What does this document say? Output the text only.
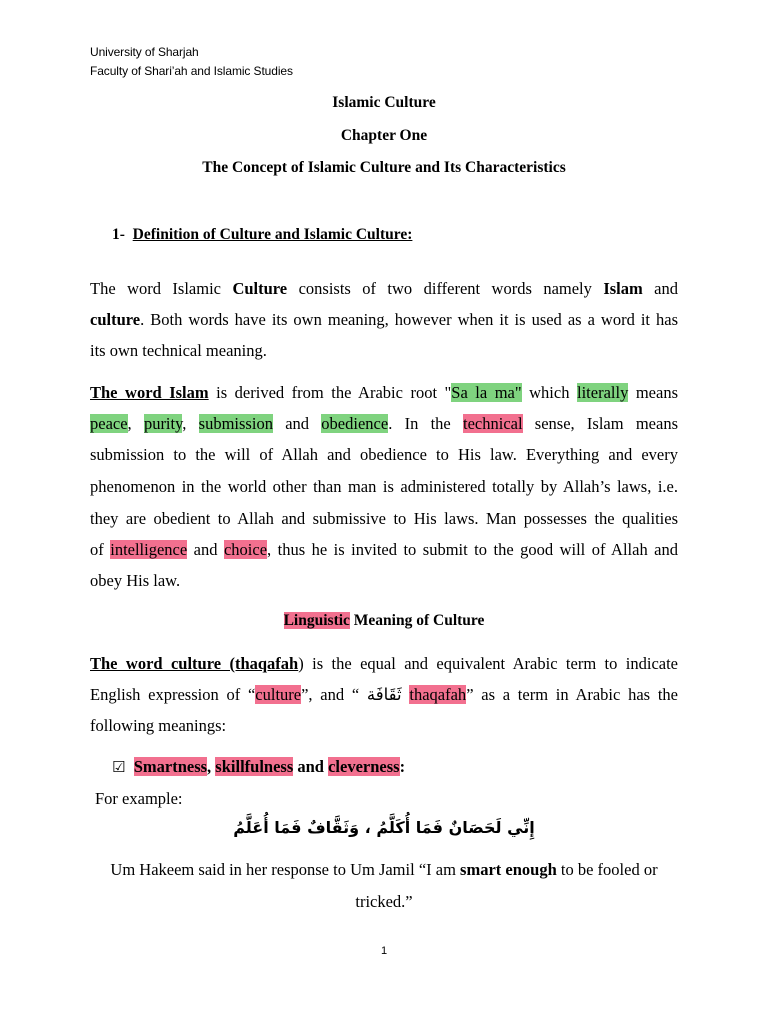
University of Sharjah
Faculty of Shari’ah and Islamic Studies
Islamic Culture
Chapter One
The Concept of Islamic Culture and Its Characteristics
1- Definition of Culture and Islamic Culture:
The word Islamic Culture consists of two different words namely Islam and
culture. Both words have its own meaning, however when it is used as a word it has
its own technical meaning.
The word Islam is derived from the Arabic root "Sa la ma" which literally means
peace, purity, submission and obedience. In the technical sense, Islam means
submission to the will of Allah and obedience to His law. Everything and every
phenomenon in the world other than man is administered totally by Allah’s laws, i.e.
they are obedient to Allah and submissive to His laws. Man possesses the qualities
of intelligence and choice, thus he is invited to submit to the good will of Allah and
obey His law.
Linguistic Meaning of Culture
The word culture (thaqafah) is the equal and equivalent Arabic term to indicate
English expression of “culture”, and “ ثَقَافَة thaqafah” as a term in Arabic has the
following meanings:
☑ Smartness, skillfulness and cleverness:
For example:
إِنِّي لَحَصَانٌ فَمَا أُكَلَّمُ ، وَثَقَّافٌ فَمَا أُعَلَّمُ
Um Hakeem said in her response to Um Jamil “I am smart enough to be fooled or
tricked.”
1
